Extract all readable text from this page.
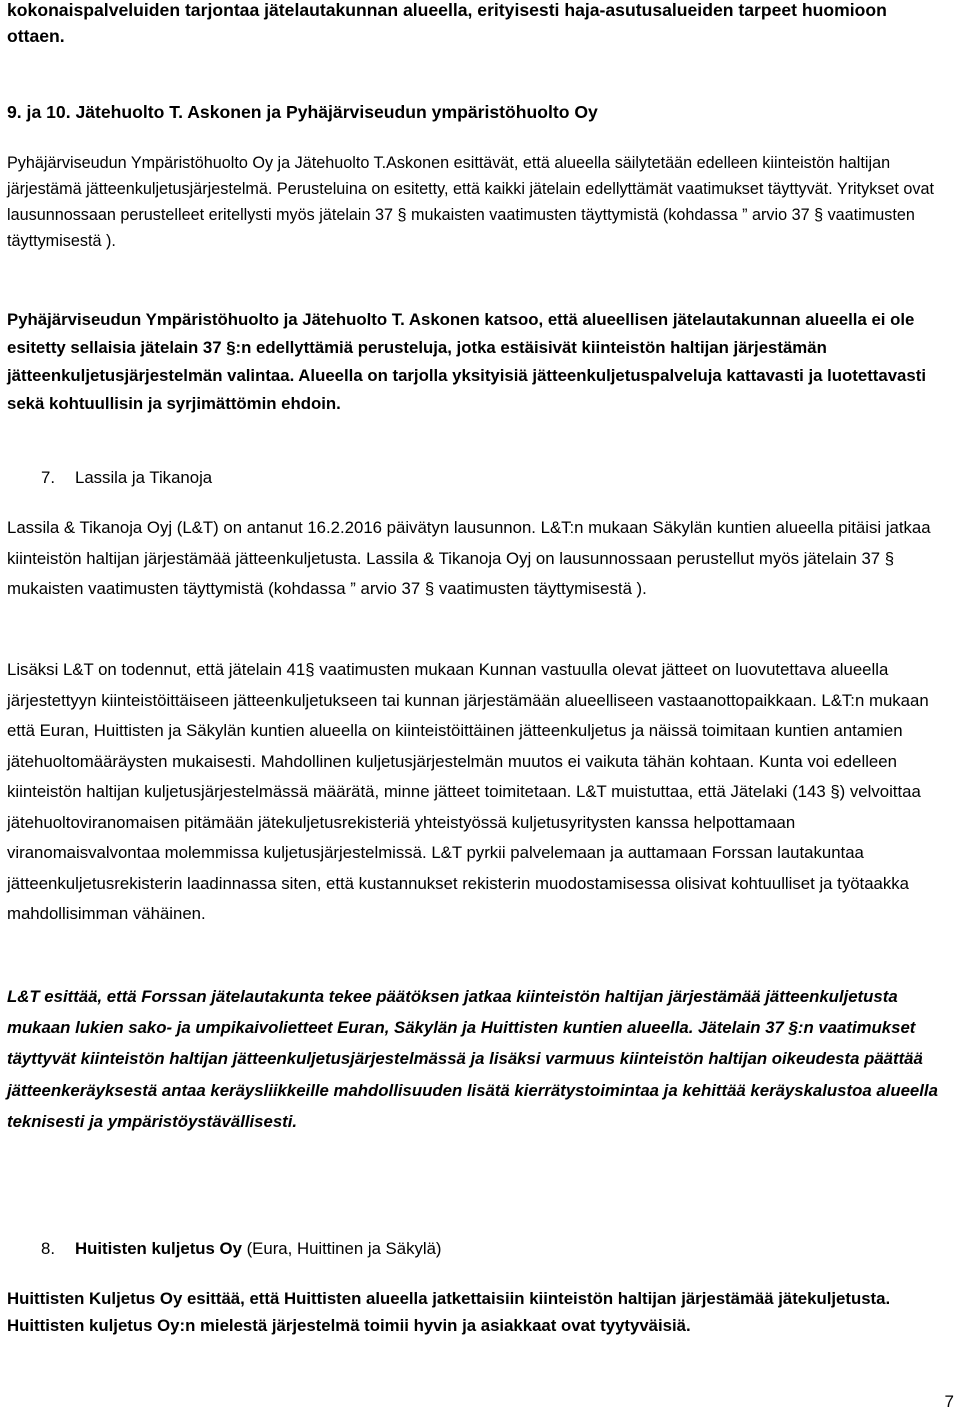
kokonaispalveluiden tarjontaa jätelautakunnan alueella, erityisesti haja-asutusalueiden tarpeet huomioon ottaen.

9. ja 10. Jätehuolto T. Askonen ja Pyhäjärviseudun ympäristöhuolto Oy

Pyhäjärviseudun Ympäristöhuolto Oy ja Jätehuolto T.Askonen esittävät, että alueella säilytetään edelleen kiinteistön haltijan järjestämä jätteenkuljetusjärjestelmä. Perusteluina on esitetty, että kaikki jätelain edellyttämät vaatimukset täyttyvät. Yritykset ovat lausunnossaan perustelleet eritellysti myös jätelain 37 § mukaisten vaatimusten täyttymistä (kohdassa ” arvio 37 § vaatimusten täyttymisestä ).

Pyhäjärviseudun Ympäristöhuolto ja Jätehuolto T. Askonen katsoo, että alueellisen jätelautakunnan alueella ei ole esitetty sellaisia jätelain 37 §:n edellyttämiä perusteluja, jotka estäisivät kiinteistön haltijan järjestämän jätteenkuljetusjärjestelmän valintaa. Alueella on tarjolla yksityisiä jätteenkuljetuspalveluja kattavasti ja luotettavasti sekä kohtuullisin ja syrjimättömin ehdoin.

7. Lassila ja Tikanoja

Lassila & Tikanoja Oyj (L&T) on antanut 16.2.2016 päivätyn lausunnon. L&T:n mukaan Säkylän kuntien alueella pitäisi jatkaa kiinteistön haltijan järjestämää jätteenkuljetusta. Lassila & Tikanoja Oyj on lausunnossaan perustellut myös jätelain 37 § mukaisten vaatimusten täyttymistä (kohdassa ” arvio 37 § vaatimusten täyttymisestä ).

Lisäksi L&T on todennut, että jätelain 41§ vaatimusten mukaan Kunnan vastuulla olevat jätteet on luovutettava alueella järjestettyyn kiinteistöittäiseen jätteenkuljetukseen tai kunnan järjestämään alueelliseen vastaanottopaikkaan. L&T:n mukaan että Euran, Huittisten ja Säkylän kuntien alueella on kiinteistöittäinen jätteenkuljetus ja näissä toimitaan kuntien antamien jätehuoltomääräysten mukaisesti. Mahdollinen kuljetusjärjestelmän muutos ei vaikuta tähän kohtaan. Kunta voi edelleen kiinteistön haltijan kuljetusjärjestelmässä määrätä, minne jätteet toimitetaan. L&T muistuttaa, että Jätelaki (143 §) velvoittaa jätehuoltoviranomaisen pitämään jätekuljetusrekisteriä yhteistyössä kuljetusyritysten kanssa helpottamaan viranomaisvalvontaa molemmissa kuljetusjärjestelmissä. L&T pyrkii palvelemaan ja auttamaan Forssan lautakuntaa jätteenkuljetusrekisterin laadinnassa siten, että kustannukset rekisterin muodostamisessa olisivat kohtuulliset ja työtaakka mahdollisimman vähäinen.

L&T esittää, että Forssan jätelautakunta tekee päätöksen jatkaa kiinteistön haltijan järjestämää jätteenkuljetusta mukaan lukien sako- ja umpikaivolietteet Euran, Säkylän ja Huittisten kuntien alueella. Jätelain 37 §:n vaatimukset täyttyvät kiinteistön haltijan jätteenkuljetusjärjestelmässä ja lisäksi varmuus kiinteistön haltijan oikeudesta päättää jätteenkeräyksestä antaa keräysliikkeille mahdollisuuden lisätä kierrätystoimintaa ja kehittää keräyskalustoa alueella teknisesti ja ympäristöystävällisesti.

8. Huitisten kuljetus Oy (Eura, Huittinen ja Säkylä)

Huittisten Kuljetus Oy esittää, että Huittisten alueella jatkettaisiin kiinteistön haltijan järjestämää jätekuljetusta. Huittisten kuljetus Oy:n mielestä järjestelmä toimii hyvin ja asiakkaat ovat tyytyväisiä.

7
